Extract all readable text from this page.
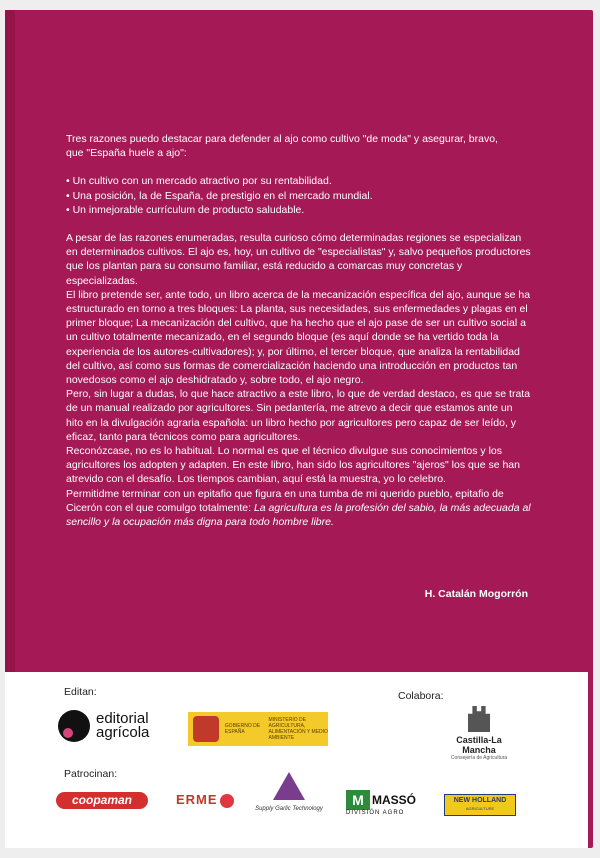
Tres razones puedo destacar para defender al ajo como cultivo "de moda" y asegurar, bravo,

que "España huele a ajo":

• Un cultivo con un mercado atractivo por su rentabilidad.

• Una posición, la de España, de prestigio en el mercado mundial.

• Un inmejorable currículum de producto saludable.

A pesar de las razones enumeradas, resulta curioso cómo determinadas regiones se especializan en determinados cultivos. El ajo es, hoy, un cultivo de "especialistas" y, salvo pequeños productores que los plantan para su consumo familiar, está reducido a comarcas muy concretas y especializadas.

El libro pretende ser, ante todo, un libro acerca de la mecanización específica del ajo, aunque se ha estructurado en torno a tres bloques: La planta, sus necesidades, sus enfermedades y plagas en el primer bloque; La mecanización del cultivo, que ha hecho que el ajo pase de ser un cultivo social a un cultivo totalmente mecanizado, en el segundo bloque (es aquí donde se ha vertido toda la experiencia de los autores-cultivadores); y, por último, el tercer bloque, que analiza la rentabilidad del cultivo, así como sus formas de comercialización haciendo una introducción en productos tan novedosos como el ajo deshidratado y, sobre todo, el ajo negro.

Pero, sin lugar a dudas, lo que hace atractivo a este libro, lo que de verdad destaco, es que se trata de un manual realizado por agricultores. Sin pedantería, me atrevo a decir que estamos ante un hito en la divulgación agraria española: un libro hecho por agricultores pero capaz de ser leído, y eficaz, tanto para técnicos como para agricultores.

Reconózcase, no es lo habitual. Lo normal es que el técnico divulgue sus conocimientos y los agricultores los adopten y adapten. En este libro, han sido los agricultores "ajeros" los que se han atrevido con el desafío. Los tiempos cambian, aquí está la muestra, yo lo celebro.

Permitidme terminar con un epitafio que figura en una tumba de mi querido pueblo, epitafio de Cicerón con el que comulgo totalmente: La agricultura es la profesión del sabio, la más adecuada al sencillo y la ocupación más digna para todo hombre libre.

H. Catalán Mogorrón
Editan:	Colabora:
Patrocinan:
editorial
agrícola	GOBIERNO DE ESPAÑA
MINISTERIO DE AGRICULTURA, ALIMENTACIÓN Y MEDIO AMBIENTE	Castilla-La Mancha
Consejería de Agricultura
coopaman	ERME
Supply Garlic Technology
M MASSÓ
DIVISIÓN AGRO
NEW HOLLAND
AGRICULTURE
